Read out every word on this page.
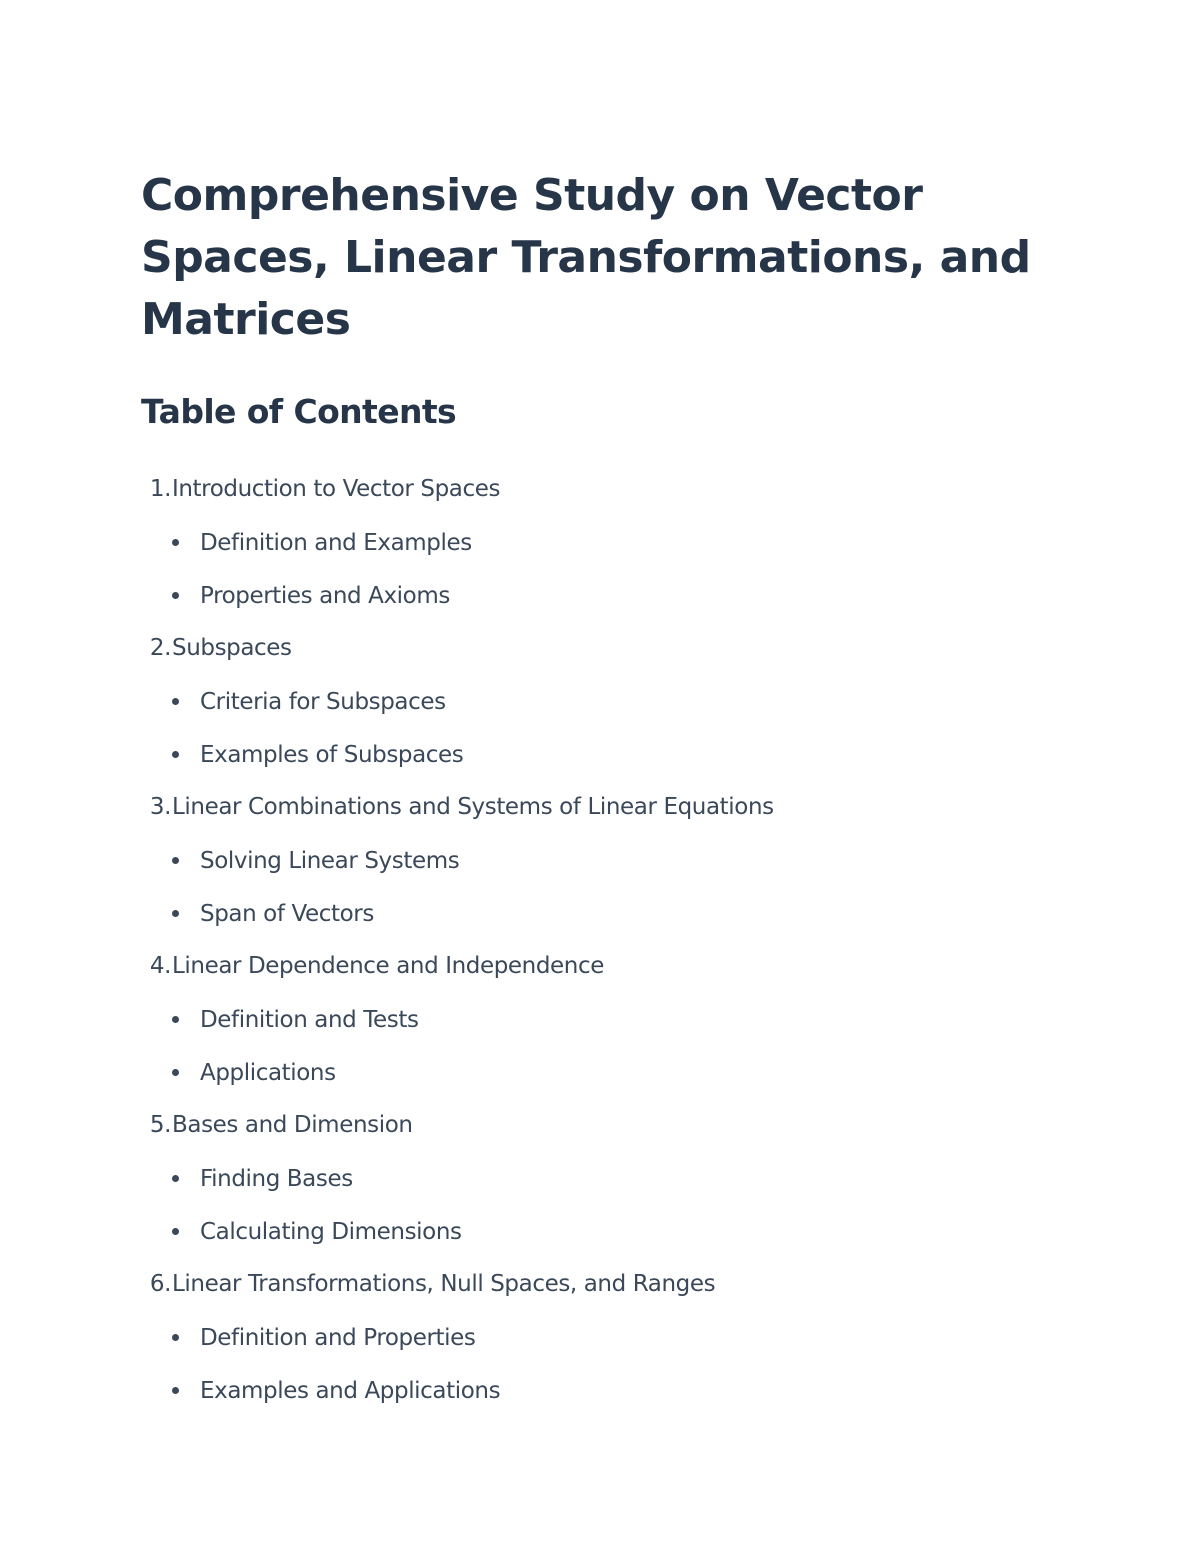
Comprehensive Study on Vector Spaces, Linear Transformations, and Matrices
Table of Contents
1. Introduction to Vector Spaces
Definition and Examples
Properties and Axioms
2. Subspaces
Criteria for Subspaces
Examples of Subspaces
3. Linear Combinations and Systems of Linear Equations
Solving Linear Systems
Span of Vectors
4. Linear Dependence and Independence
Definition and Tests
Applications
5. Bases and Dimension
Finding Bases
Calculating Dimensions
6. Linear Transformations, Null Spaces, and Ranges
Definition and Properties
Examples and Applications
